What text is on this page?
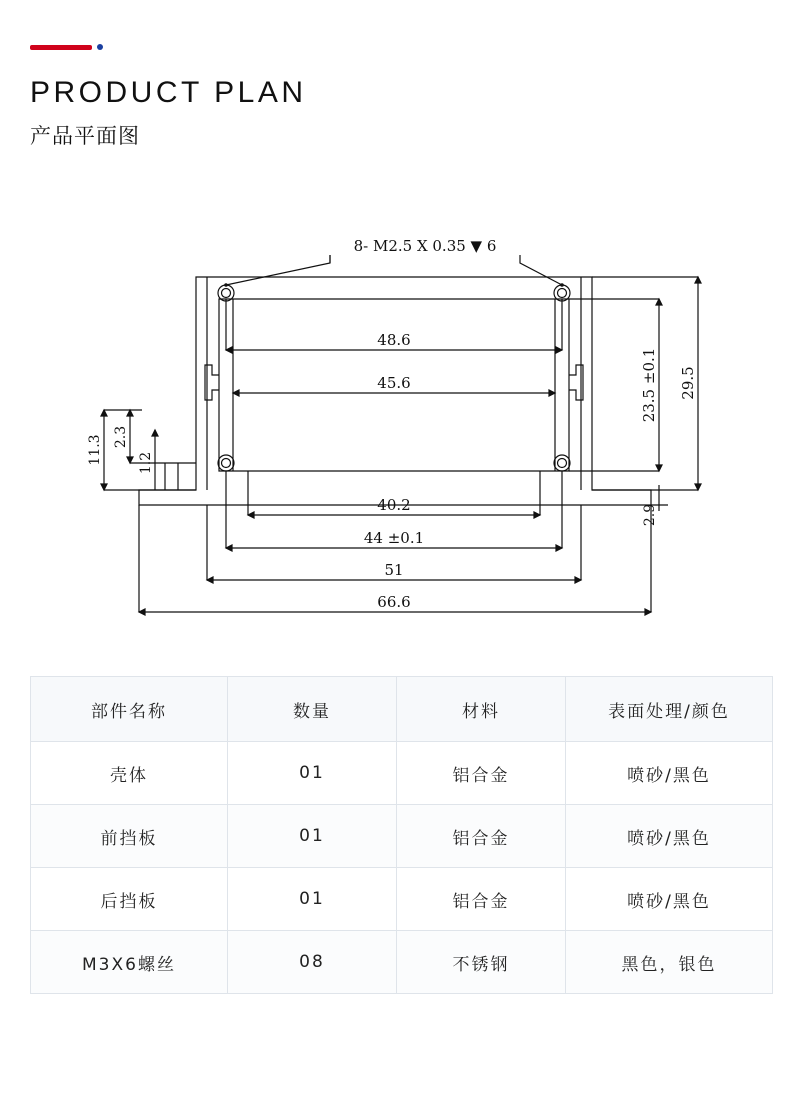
PRODUCT PLAN
产品平面图
8- M2.5 X 0.35 ▼ 6
48.6
45.6
40.2
44 ±0.1
51
66.6
23.5 ±0.1 29.5
2.9
11.3 2.3
1.2
部件名称	数量	材料	表面处理/颜色
壳体	01	铝合金	喷砂/黑色
前挡板	01	铝合金	喷砂/黑色
后挡板	01	铝合金	喷砂/黑色
M3X6螺丝	08	不锈钢	黑色，银色
